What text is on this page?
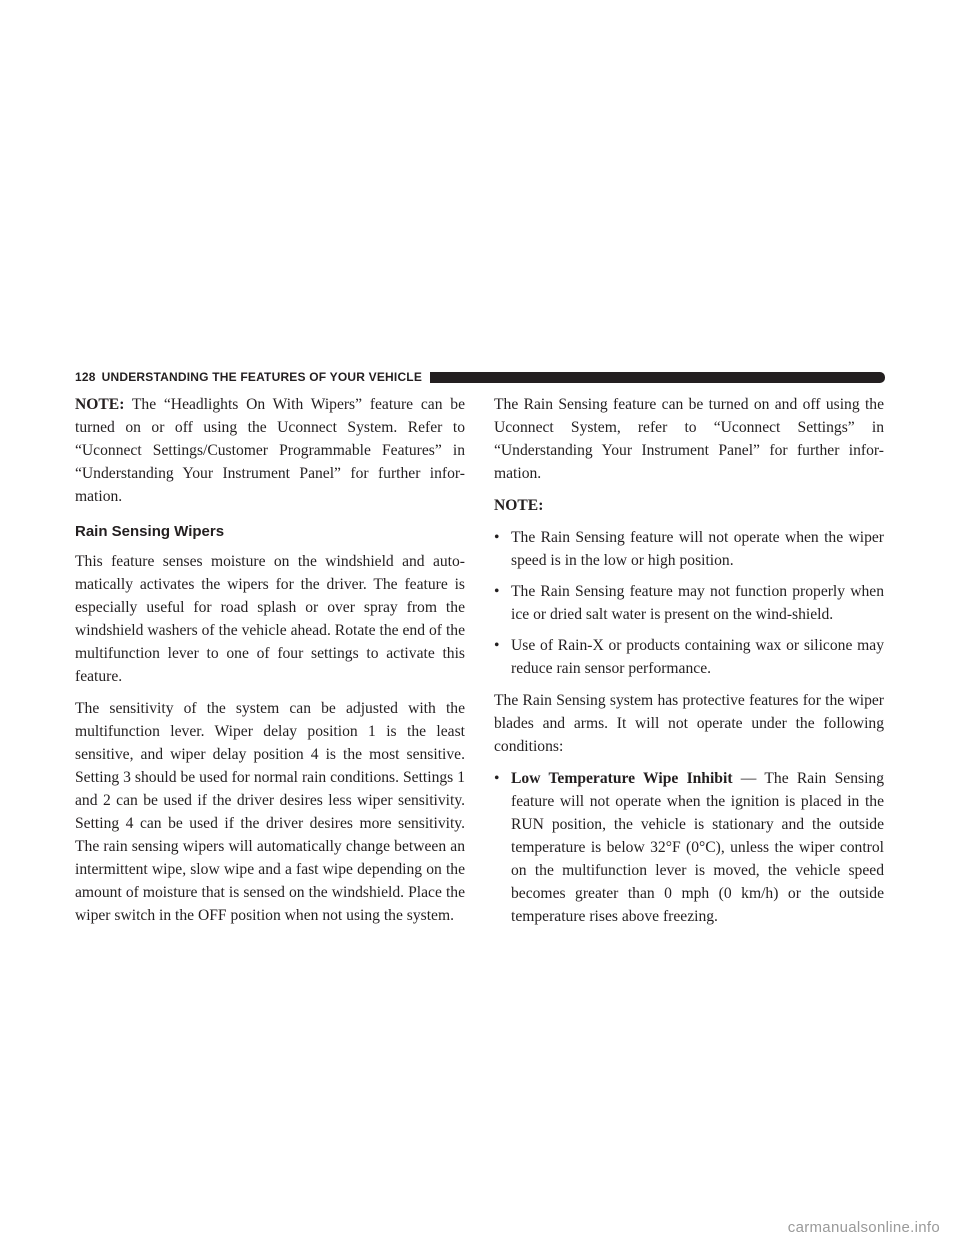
128 UNDERSTANDING THE FEATURES OF YOUR VEHICLE

NOTE: The “Headlights On With Wipers” feature can be turned on or off using the Uconnect System. Refer to “Uconnect Settings/Customer Programmable Features” in “Understanding Your Instrument Panel” for further infor-mation.

Rain Sensing Wipers

This feature senses moisture on the windshield and auto-matically activates the wipers for the driver. The feature is especially useful for road splash or over spray from the windshield washers of the vehicle ahead. Rotate the end of the multifunction lever to one of four settings to activate this feature.

The sensitivity of the system can be adjusted with the multifunction lever. Wiper delay position 1 is the least sensitive, and wiper delay position 4 is the most sensitive. Setting 3 should be used for normal rain conditions. Settings 1 and 2 can be used if the driver desires less wiper sensitivity. Setting 4 can be used if the driver desires more sensitivity. The rain sensing wipers will automatically change between an intermittent wipe, slow wipe and a fast wipe depending on the amount of moisture that is sensed on the windshield. Place the wiper switch in the OFF position when not using the system.

The Rain Sensing feature can be turned on and off using the Uconnect System, refer to “Uconnect Settings” in “Understanding Your Instrument Panel” for further infor-mation.

NOTE:

• The Rain Sensing feature will not operate when the wiper speed is in the low or high position.
• The Rain Sensing feature may not function properly when ice or dried salt water is present on the wind-shield.
• Use of Rain-X or products containing wax or silicone may reduce rain sensor performance.

The Rain Sensing system has protective features for the wiper blades and arms. It will not operate under the following conditions:

• Low Temperature Wipe Inhibit — The Rain Sensing feature will not operate when the ignition is placed in the RUN position, the vehicle is stationary and the outside temperature is below 32°F (0°C), unless the wiper control on the multifunction lever is moved, the vehicle speed becomes greater than 0 mph (0 km/h) or the outside temperature rises above freezing.
carmanualsonline.info
